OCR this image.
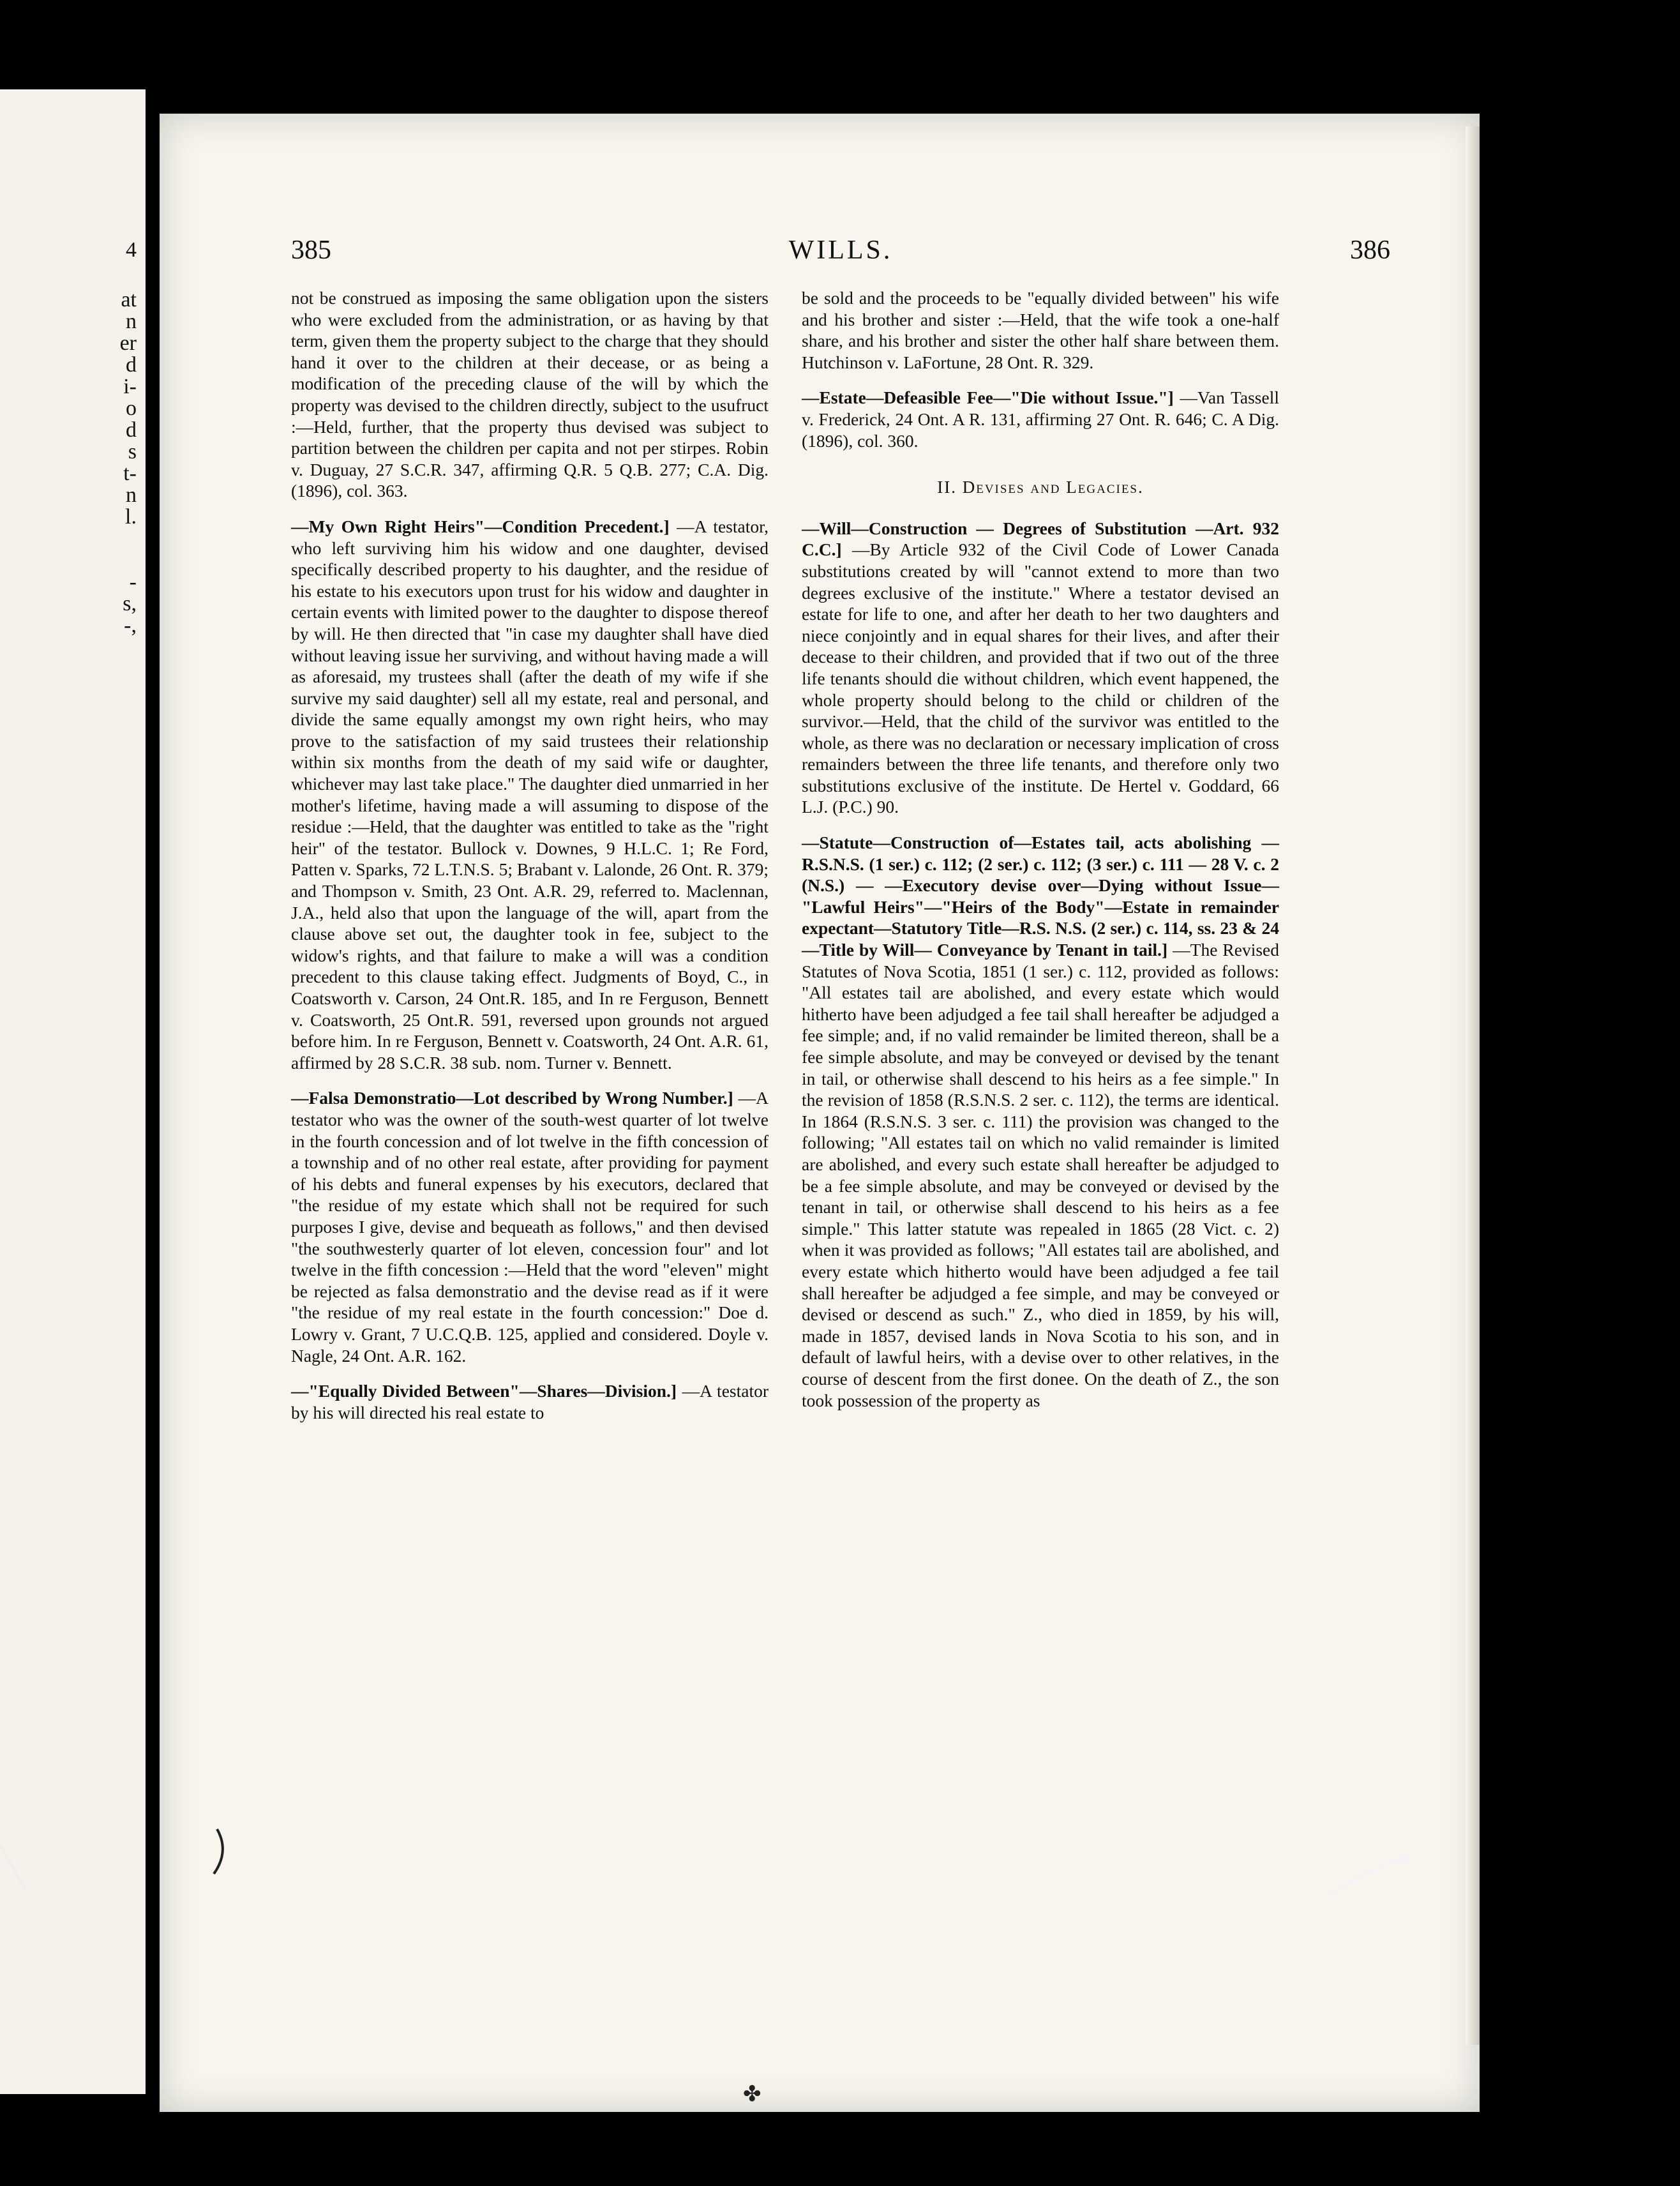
4
at
n
er
d
i-
o
d
s
t-
n
l.
-
s,
-,
385	WILLS.	386

not be construed as imposing the same obligation upon the sisters who were excluded from the administration, or as having by that term, given them the property subject to the charge that they should hand it over to the children at their decease, or as being a modification of the preceding clause of the will by which the property was devised to the children directly, subject to the usufruct :—Held, further, that the property thus devised was subject to partition between the children per capita and not per stirpes. Robin v. Duguay, 27 S.C.R. 347, affirming Q.R. 5 Q.B. 277; C.A. Dig. (1896), col. 363.

—My Own Right Heirs"—Condition Precedent.] —A testator, who left surviving him his widow and one daughter, devised specifically described property to his daughter, and the residue of his estate to his executors upon trust for his widow and daughter in certain events with limited power to the daughter to dispose thereof by will. He then directed that "in case my daughter shall have died without leaving issue her surviving, and without having made a will as aforesaid, my trustees shall (after the death of my wife if she survive my said daughter) sell all my estate, real and personal, and divide the same equally amongst my own right heirs, who may prove to the satisfaction of my said trustees their relationship within six months from the death of my said wife or daughter, whichever may last take place." The daughter died unmarried in her mother's lifetime, having made a will assuming to dispose of the residue :—Held, that the daughter was entitled to take as the "right heir" of the testator. Bullock v. Downes, 9 H.L.C. 1; Re Ford, Patten v. Sparks, 72 L.T.N.S. 5; Brabant v. Lalonde, 26 Ont. R. 379; and Thompson v. Smith, 23 Ont. A.R. 29, referred to. Maclennan, J.A., held also that upon the language of the will, apart from the clause above set out, the daughter took in fee, subject to the widow's rights, and that failure to make a will was a condition precedent to this clause taking effect. Judgments of Boyd, C., in Coatsworth v. Carson, 24 Ont.R. 185, and In re Ferguson, Bennett v. Coatsworth, 25 Ont.R. 591, reversed upon grounds not argued before him. In re Ferguson, Bennett v. Coatsworth, 24 Ont. A.R. 61, affirmed by 28 S.C.R. 38 sub. nom. Turner v. Bennett.

—Falsa Demonstratio—Lot described by Wrong Number.] —A testator who was the owner of the south-west quarter of lot twelve in the fourth concession and of lot twelve in the fifth concession of a township and of no other real estate, after providing for payment of his debts and funeral expenses by his executors, declared that "the residue of my estate which shall not be required for such purposes I give, devise and bequeath as follows," and then devised "the southwesterly quarter of lot eleven, concession four" and lot twelve in the fifth concession :—Held that the word "eleven" might be rejected as falsa demonstratio and the devise read as if it were "the residue of my real estate in the fourth concession:" Doe d. Lowry v. Grant, 7 U.C.Q.B. 125, applied and considered. Doyle v. Nagle, 24 Ont. A.R. 162.

—"Equally Divided Between"—Shares—Division.] —A testator by his will directed his real estate to

be sold and the proceeds to be "equally divided between" his wife and his brother and sister :—Held, that the wife took a one-half share, and his brother and sister the other half share between them. Hutchinson v. LaFortune, 28 Ont. R. 329.

—Estate—Defeasible Fee—"Die without Issue."] —Van Tassell v. Frederick, 24 Ont. A R. 131, affirming 27 Ont. R. 646; C. A Dig. (1896), col. 360.

II. Devises and Legacies.

—Will—Construction — Degrees of Substitution —Art. 932 C.C.] —By Article 932 of the Civil Code of Lower Canada substitutions created by will "cannot extend to more than two degrees exclusive of the institute." Where a testator devised an estate for life to one, and after her death to her two daughters and niece conjointly and in equal shares for their lives, and after their decease to their children, and provided that if two out of the three life tenants should die without children, which event happened, the whole property should belong to the child or children of the survivor.—Held, that the child of the survivor was entitled to the whole, as there was no declaration or necessary implication of cross remainders between the three life tenants, and therefore only two substitutions exclusive of the institute. De Hertel v. Goddard, 66 L.J. (P.C.) 90.

—Statute—Construction of—Estates tail, acts abolishing — R.S.N.S. (1 ser.) c. 112; (2 ser.) c. 112; (3 ser.) c. 111 — 28 V. c. 2 (N.S.) — —Executory devise over—Dying without Issue— "Lawful Heirs"—"Heirs of the Body"—Estate in remainder expectant—Statutory Title—R.S. N.S. (2 ser.) c. 114, ss. 23 & 24—Title by Will— Conveyance by Tenant in tail.] —The Revised Statutes of Nova Scotia, 1851 (1 ser.) c. 112, provided as follows: "All estates tail are abolished, and every estate which would hitherto have been adjudged a fee tail shall hereafter be adjudged a fee simple; and, if no valid remainder be limited thereon, shall be a fee simple absolute, and may be conveyed or devised by the tenant in tail, or otherwise shall descend to his heirs as a fee simple." In the revision of 1858 (R.S.N.S. 2 ser. c. 112), the terms are identical. In 1864 (R.S.N.S. 3 ser. c. 111) the provision was changed to the following; "All estates tail on which no valid remainder is limited are abolished, and every such estate shall hereafter be adjudged to be a fee simple absolute, and may be conveyed or devised by the tenant in tail, or otherwise shall descend to his heirs as a fee simple." This latter statute was repealed in 1865 (28 Vict. c. 2) when it was provided as follows; "All estates tail are abolished, and every estate which hitherto would have been adjudged a fee tail shall hereafter be adjudged a fee simple, and may be conveyed or devised or descend as such." Z., who died in 1859, by his will, made in 1857, devised lands in Nova Scotia to his son, and in default of lawful heirs, with a devise over to other relatives, in the course of descent from the first donee. On the death of Z., the son took possession of the property as

✤
